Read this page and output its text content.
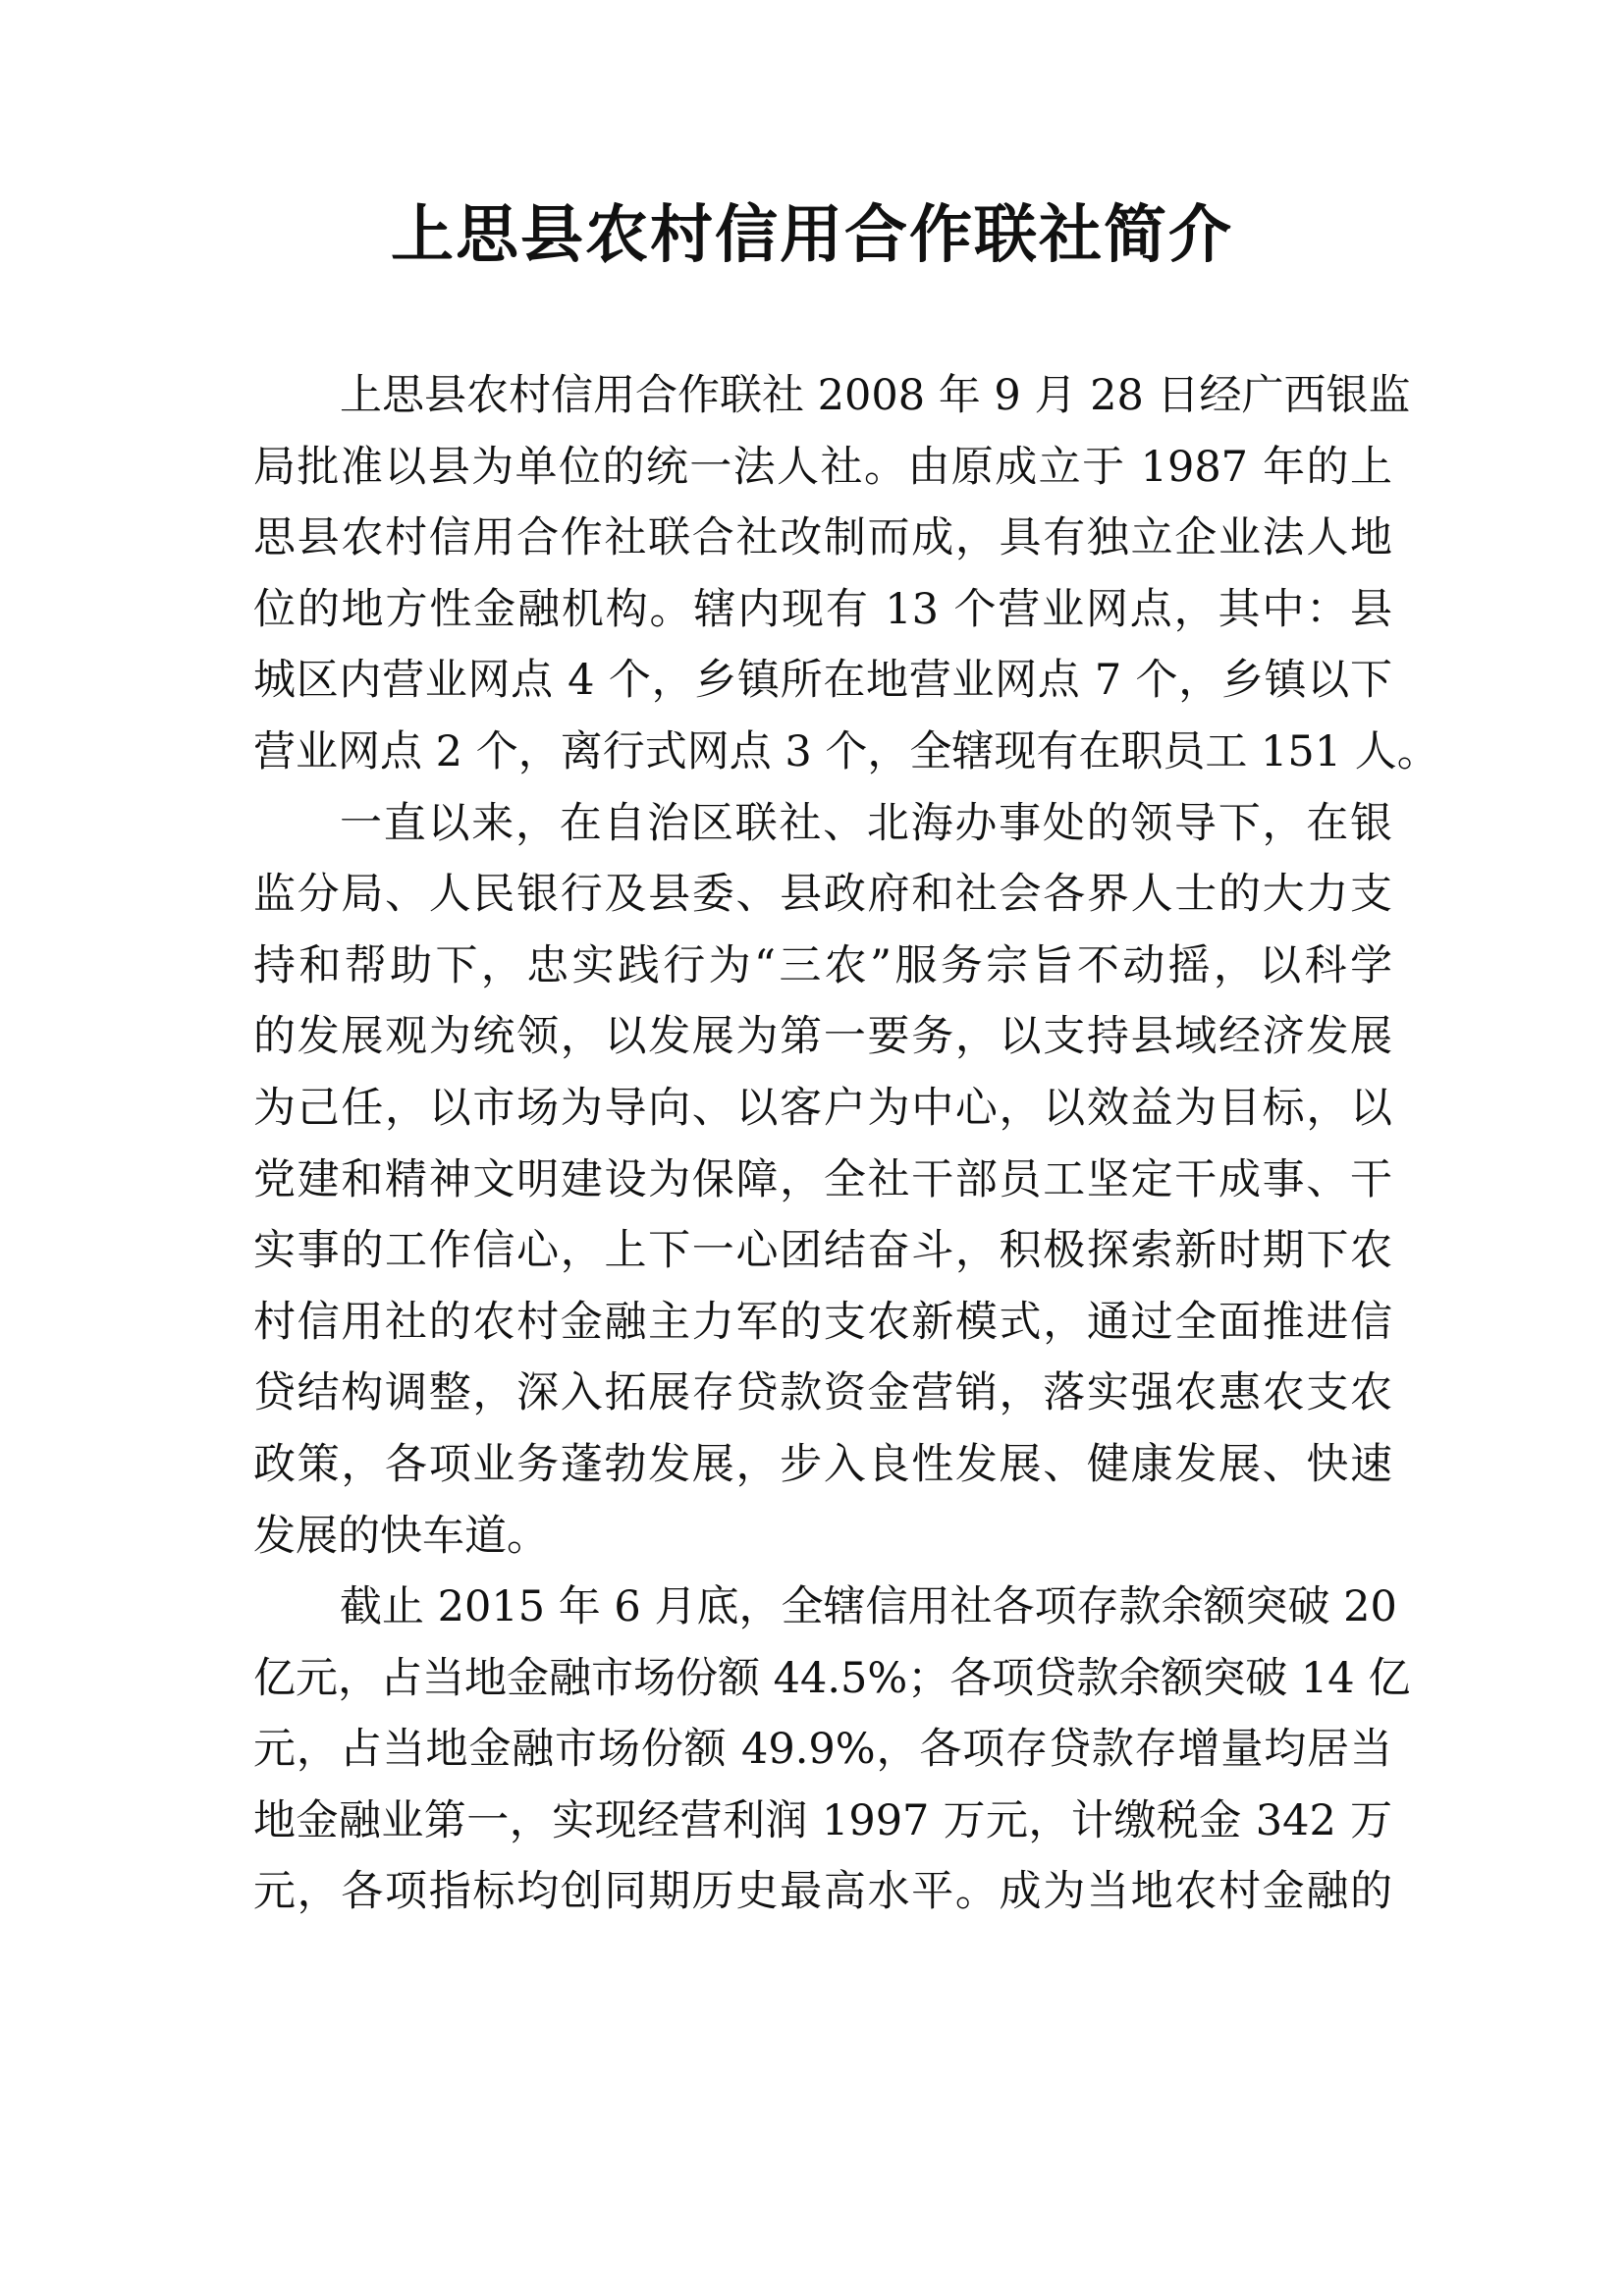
上思县农村信用合作联社简介
上思县农村信用合作联社 2008 年 9 月 28 日经广西银监
局批准以县为单位的统一法人社。由原成立于 1987 年的上
思县农村信用合作社联合社改制而成，具有独立企业法人地
位的地方性金融机构。辖内现有 13 个营业网点，其中：县
城区内营业网点 4 个，乡镇所在地营业网点 7 个，乡镇以下
营业网点 2 个，离行式网点 3 个，全辖现有在职员工 151 人。
一直以来，在自治区联社、北海办事处的领导下，在银
监分局、人民银行及县委、县政府和社会各界人士的大力支
持和帮助下，忠实践行为“三农”服务宗旨不动摇，以科学
的发展观为统领，以发展为第一要务，以支持县域经济发展
为己任，以市场为导向、以客户为中心，以效益为目标，以
党建和精神文明建设为保障，全社干部员工坚定干成事、干
实事的工作信心，上下一心团结奋斗，积极探索新时期下农
村信用社的农村金融主力军的支农新模式，通过全面推进信
贷结构调整，深入拓展存贷款资金营销，落实强农惠农支农
政策，各项业务蓬勃发展，步入良性发展、健康发展、快速
发展的快车道。
截止 2015 年 6 月底，全辖信用社各项存款余额突破 20
亿元，占当地金融市场份额 44.5%；各项贷款余额突破 14 亿
元，占当地金融市场份额 49.9%，各项存贷款存增量均居当
地金融业第一，实现经营利润 1997 万元，计缴税金 342 万
元，各项指标均创同期历史最高水平。成为当地农村金融的
